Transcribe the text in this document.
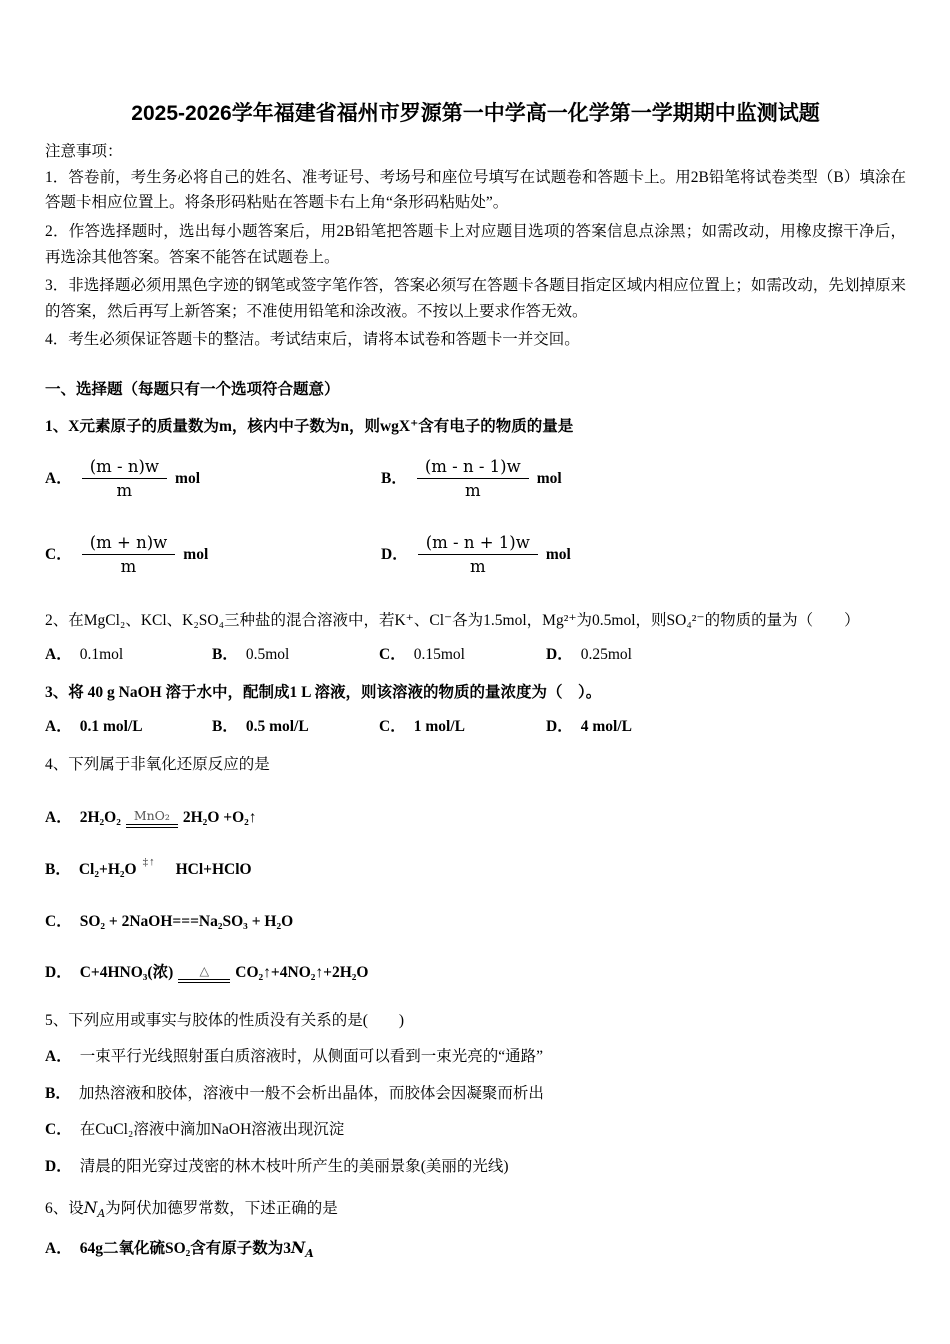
2025-2026学年福建省福州市罗源第一中学高一化学第一学期期中监测试题

注意事项：

1．答卷前，考生务必将自己的姓名、准考证号、考场号和座位号填写在试题卷和答题卡上。用2B铅笔将试卷类型（B）填涂在答题卡相应位置上。将条形码粘贴在答题卡右上角“条形码粘贴处”。

2．作答选择题时，选出每小题答案后，用2B铅笔把答题卡上对应题目选项的答案信息点涂黑；如需改动，用橡皮擦干净后，再选涂其他答案。答案不能答在试题卷上。

3．非选择题必须用黑色字迹的钢笔或签字笔作答，答案必须写在答题卡各题目指定区域内相应位置上；如需改动，先划掉原来的答案，然后再写上新答案；不准使用铅笔和涂改液。不按以上要求作答无效。

4．考生必须保证答题卡的整洁。考试结束后，请将本试卷和答题卡一并交回。

一、选择题（每题只有一个选项符合题意）
1、X元素原子的质量数为m，核内中子数为n，则wgX⁺含有电子的物质的量是
A． $\frac{(m - n)w}{m}$ mol	B． $\frac{(m - n - 1)w}{m}$ mol
C． $\frac{(m + n)w}{m}$ mol	D． $\frac{(m - n + 1)w}{m}$ mol
2、在MgCl₂、KCl、K₂SO₄三种盐的混合溶液中，若K⁺、Cl⁻各为1.5mol，Mg²⁺为0.5mol，则SO₄²⁻的物质的量为（　　）
A． 0.1mol	B． 0.5mol	C． 0.15mol	D． 0.25mol
3、将 40 g NaOH 溶于水中，配制成1 L 溶液，则该溶液的物质的量浓度为（　）。
A． 0.1 mol/L	B． 0.5 mol/L	C． 1 mol/L	D． 4 mol/L
4、下列属于非氧化还原反应的是
A． 2H₂O₂ MnO₂ 2H₂O +O₂↑
B． Cl₂+H₂O ‡↑ HCl+HClO
C． SO₂ + 2NaOH===Na₂SO₃ + H₂O
D． C+4HNO₃(浓) △ CO₂↑+4NO₂↑+2H₂O
5、下列应用或事实与胶体的性质没有关系的是(　　)
A． 一束平行光线照射蛋白质溶液时，从侧面可以看到一束光亮的“通路”
B． 加热溶液和胶体，溶液中一般不会析出晶体，而胶体会因凝聚而析出
C． 在CuCl₂溶液中滴加NaOH溶液出现沉淀
D． 清晨的阳光穿过茂密的林木枝叶所产生的美丽景象(美丽的光线)
6、设$N_A$为阿伏加德罗常数，下述正确的是
A． 64g二氧化硫SO₂含有原子数为$3N_A$
